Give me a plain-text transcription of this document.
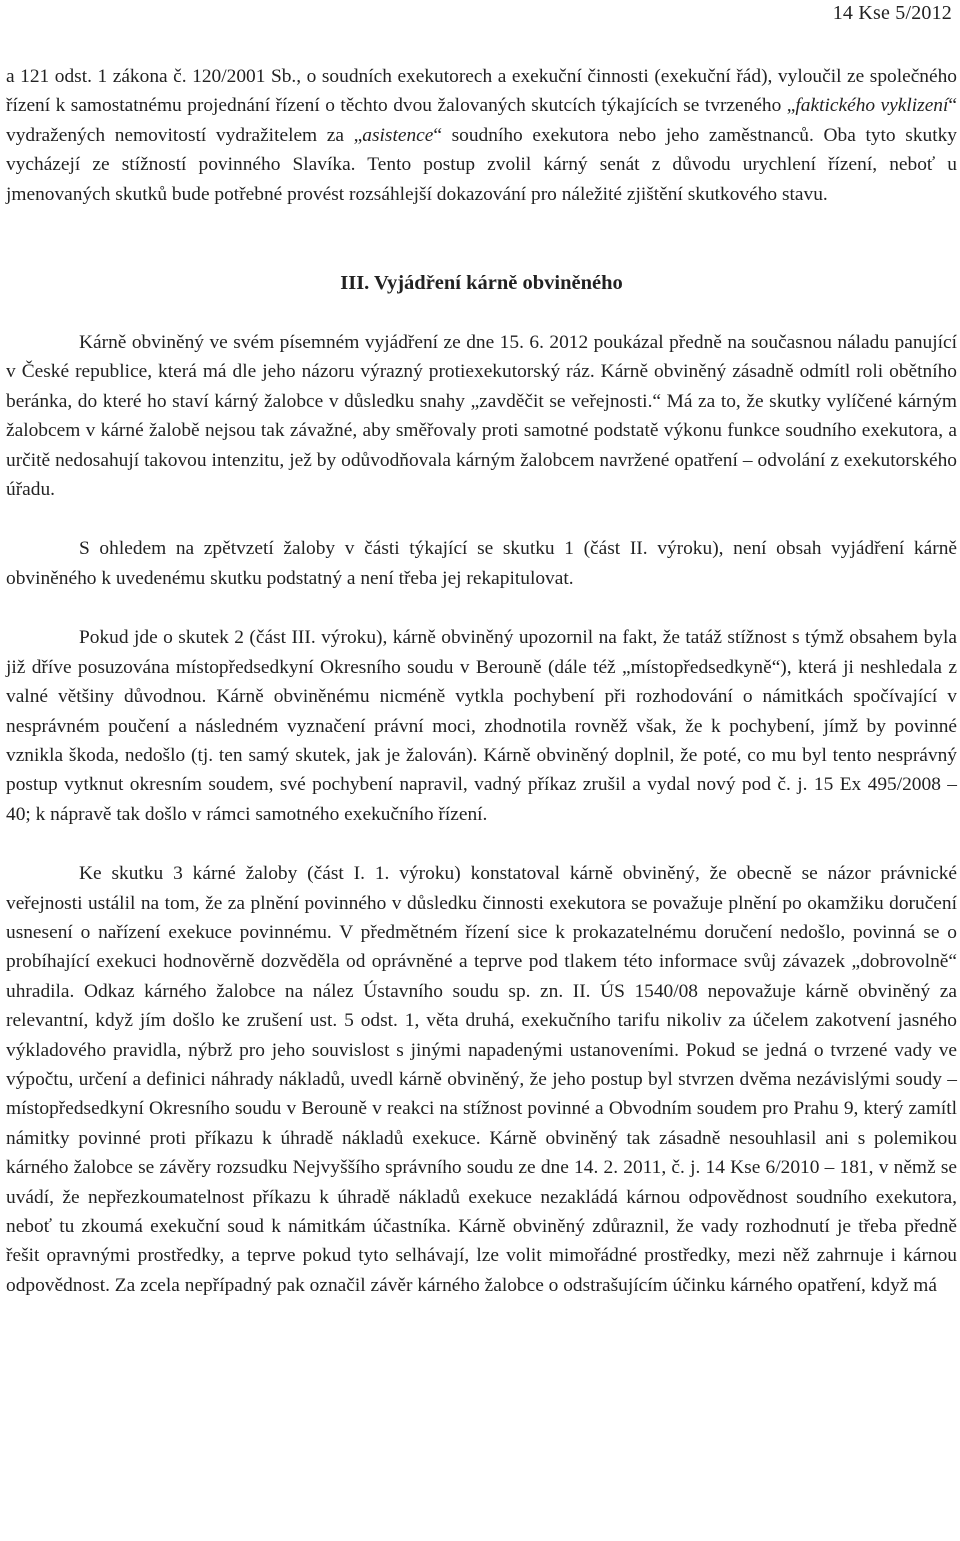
14 Kse 5/2012

a 121 odst. 1 zákona č. 120/2001 Sb., o soudních exekutorech a exekuční činnosti (exekuční řád), vyloučil ze společného řízení k samostatnému projednání řízení o těchto dvou žalovaných skutcích týkajících se tvrzeného „faktického vyklizení“ vydražených nemovitostí vydražitelem za „asistence“ soudního exekutora nebo jeho zaměstnanců. Oba tyto skutky vycházejí ze stížností povinného Slavíka. Tento postup zvolil kárný senát z důvodu urychlení řízení, neboť u jmenovaných skutků bude potřebné provést rozsáhlejší dokazování pro náležité zjištění skutkového stavu.

III. Vyjádření kárně obviněného

Kárně obviněný ve svém písemném vyjádření ze dne 15. 6. 2012 poukázal předně na současnou náladu panující v České republice, která má dle jeho názoru výrazný protiexekutorský ráz. Kárně obviněný zásadně odmítl roli obětního beránka, do které ho staví kárný žalobce v důsledku snahy „zavděčit se veřejnosti.“ Má za to, že skutky vylíčené kárným žalobcem v kárné žalobě nejsou tak závažné, aby směřovaly proti samotné podstatě výkonu funkce soudního exekutora, a určitě nedosahují takovou intenzitu, jež by odůvodňovala kárným žalobcem navržené opatření – odvolání z exekutorského úřadu.

S ohledem na zpětvzetí žaloby v části týkající se skutku 1 (část II. výroku), není obsah vyjádření kárně obviněného k uvedenému skutku podstatný a není třeba jej rekapitulovat.

Pokud jde o skutek 2 (část III. výroku), kárně obviněný upozornil na fakt, že tatáž stížnost s týmž obsahem byla již dříve posuzována místopředsedkyní Okresního soudu v Berouně (dále též „místopředsedkyně“), která ji neshledala z valné většiny důvodnou. Kárně obviněnému nicméně vytkla pochybení při rozhodování o námitkách spočívající v nesprávném poučení a následném vyznačení právní moci, zhodnotila rovněž však, že k pochybení, jímž by povinné vznikla škoda, nedošlo (tj. ten samý skutek, jak je žalován). Kárně obviněný doplnil, že poté, co mu byl tento nesprávný postup vytknut okresním soudem, své pochybení napravil, vadný příkaz zrušil a vydal nový pod č. j. 15 Ex 495/2008 – 40; k nápravě tak došlo v rámci samotného exekučního řízení.

Ke skutku 3 kárné žaloby (část I. 1. výroku) konstatoval kárně obviněný, že obecně se názor právnické veřejnosti ustálil na tom, že za plnění povinného v důsledku činnosti exekutora se považuje plnění po okamžiku doručení usnesení o nařízení exekuce povinnému. V předmětném řízení sice k prokazatelnému doručení nedošlo, povinná se o probíhající exekuci hodnověrně dozvěděla od oprávněné a teprve pod tlakem této informace svůj závazek „dobrovolně“ uhradila. Odkaz kárného žalobce na nález Ústavního soudu sp. zn. II. ÚS 1540/08 nepovažuje kárně obviněný za relevantní, když jím došlo ke zrušení ust. 5 odst. 1, věta druhá, exekučního tarifu nikoliv za účelem zakotvení jasného výkladového pravidla, nýbrž pro jeho souvislost s jinými napadenými ustanoveními. Pokud se jedná o tvrzené vady ve výpočtu, určení a definici náhrady nákladů, uvedl kárně obviněný, že jeho postup byl stvrzen dvěma nezávislými soudy – místopředsedkyní Okresního soudu v Berouně v reakci na stížnost povinné a Obvodním soudem pro Prahu 9, který zamítl námitky povinné proti příkazu k úhradě nákladů exekuce. Kárně obviněný tak zásadně nesouhlasil ani s polemikou kárného žalobce se závěry rozsudku Nejvyššího správního soudu ze dne 14. 2. 2011, č. j. 14 Kse 6/2010 – 181, v němž se uvádí, že nepřezkoumatelnost příkazu k úhradě nákladů exekuce nezakládá kárnou odpovědnost soudního exekutora, neboť tu zkoumá exekuční soud k námitkám účastníka. Kárně obviněný zdůraznil, že vady rozhodnutí je třeba předně řešit opravnými prostředky, a teprve pokud tyto selhávají, lze volit mimořádné prostředky, mezi něž zahrnuje i kárnou odpovědnost. Za zcela nepřípadný pak označil závěr kárného žalobce o odstrašujícím účinku kárného opatření, když má
